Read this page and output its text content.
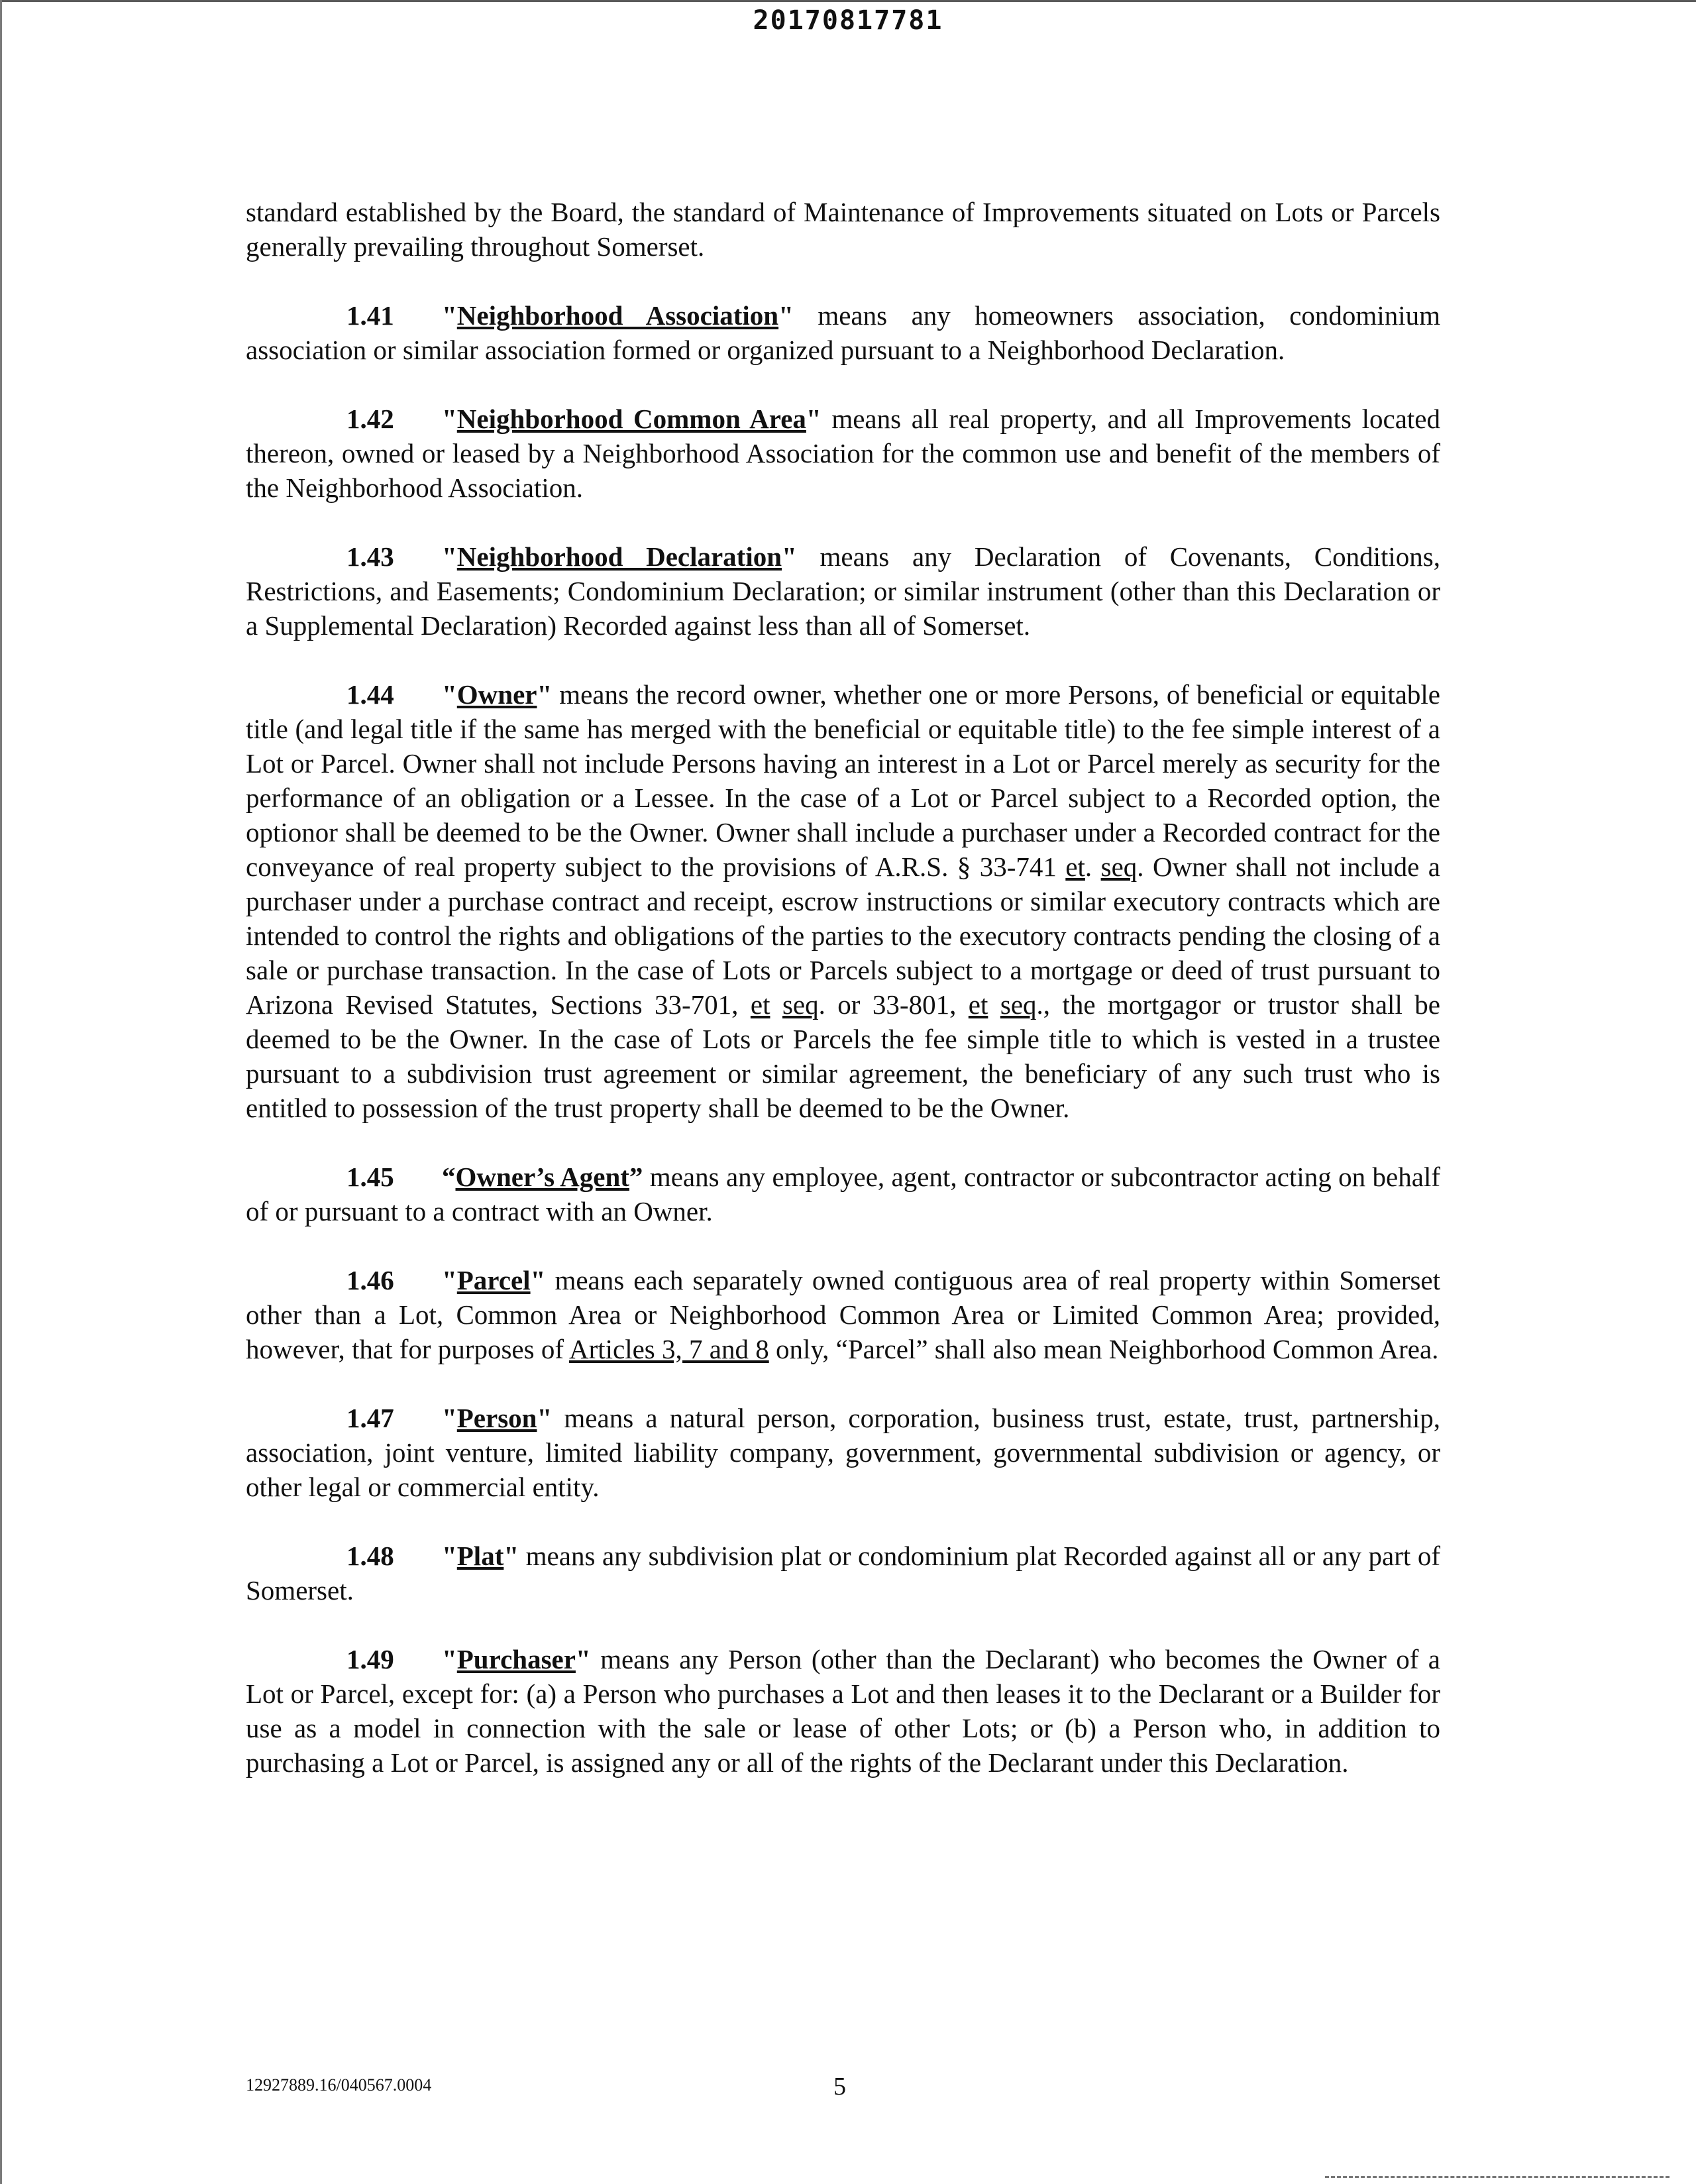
20170817781

standard established by the Board, the standard of Maintenance of Improvements situated on Lots or Parcels generally prevailing throughout Somerset.

1.41 "Neighborhood Association" means any homeowners association, condominium association or similar association formed or organized pursuant to a Neighborhood Declaration.

1.42 "Neighborhood Common Area" means all real property, and all Improvements located thereon, owned or leased by a Neighborhood Association for the common use and benefit of the members of the Neighborhood Association.

1.43 "Neighborhood Declaration" means any Declaration of Covenants, Conditions, Restrictions, and Easements; Condominium Declaration; or similar instrument (other than this Declaration or a Supplemental Declaration) Recorded against less than all of Somerset.

1.44 "Owner" means the record owner, whether one or more Persons, of beneficial or equitable title (and legal title if the same has merged with the beneficial or equitable title) to the fee simple interest of a Lot or Parcel. Owner shall not include Persons having an interest in a Lot or Parcel merely as security for the performance of an obligation or a Lessee. In the case of a Lot or Parcel subject to a Recorded option, the optionor shall be deemed to be the Owner. Owner shall include a purchaser under a Recorded contract for the conveyance of real property subject to the provisions of A.R.S. § 33-741 et. seq. Owner shall not include a purchaser under a purchase contract and receipt, escrow instructions or similar executory contracts which are intended to control the rights and obligations of the parties to the executory contracts pending the closing of a sale or purchase transaction. In the case of Lots or Parcels subject to a mortgage or deed of trust pursuant to Arizona Revised Statutes, Sections 33-701, et seq. or 33-801, et seq., the mortgagor or trustor shall be deemed to be the Owner. In the case of Lots or Parcels the fee simple title to which is vested in a trustee pursuant to a subdivision trust agreement or similar agreement, the beneficiary of any such trust who is entitled to possession of the trust property shall be deemed to be the Owner.

1.45 “Owner’s Agent” means any employee, agent, contractor or subcontractor acting on behalf of or pursuant to a contract with an Owner.

1.46 "Parcel" means each separately owned contiguous area of real property within Somerset other than a Lot, Common Area or Neighborhood Common Area or Limited Common Area; provided, however, that for purposes of Articles 3, 7 and 8 only, “Parcel” shall also mean Neighborhood Common Area.

1.47 "Person" means a natural person, corporation, business trust, estate, trust, partnership, association, joint venture, limited liability company, government, governmental subdivision or agency, or other legal or commercial entity.

1.48 "Plat" means any subdivision plat or condominium plat Recorded against all or any part of Somerset.

1.49 "Purchaser" means any Person (other than the Declarant) who becomes the Owner of a Lot or Parcel, except for: (a) a Person who purchases a Lot and then leases it to the Declarant or a Builder for use as a model in connection with the sale or lease of other Lots; or (b) a Person who, in addition to purchasing a Lot or Parcel, is assigned any or all of the rights of the Declarant under this Declaration.

12927889.16/040567.0004	5
